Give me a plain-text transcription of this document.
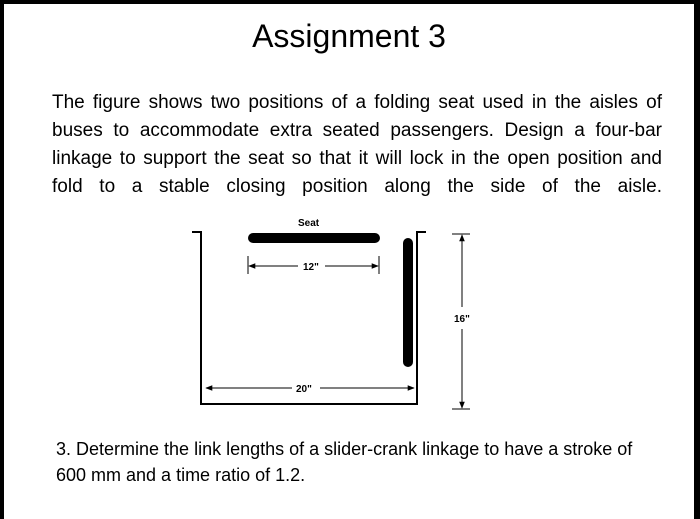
Assignment 3

The figure shows two positions of a folding seat used in the aisles of buses to accommodate extra seated passengers. Design a four-bar linkage to support the seat so that it will lock in the open position and fold to a stable closing position along the side of the aisle.

Seat
12"
16"
20"

3. Determine the link lengths of a slider-crank linkage to have a stroke of 600 mm and a time ratio of 1.2.
